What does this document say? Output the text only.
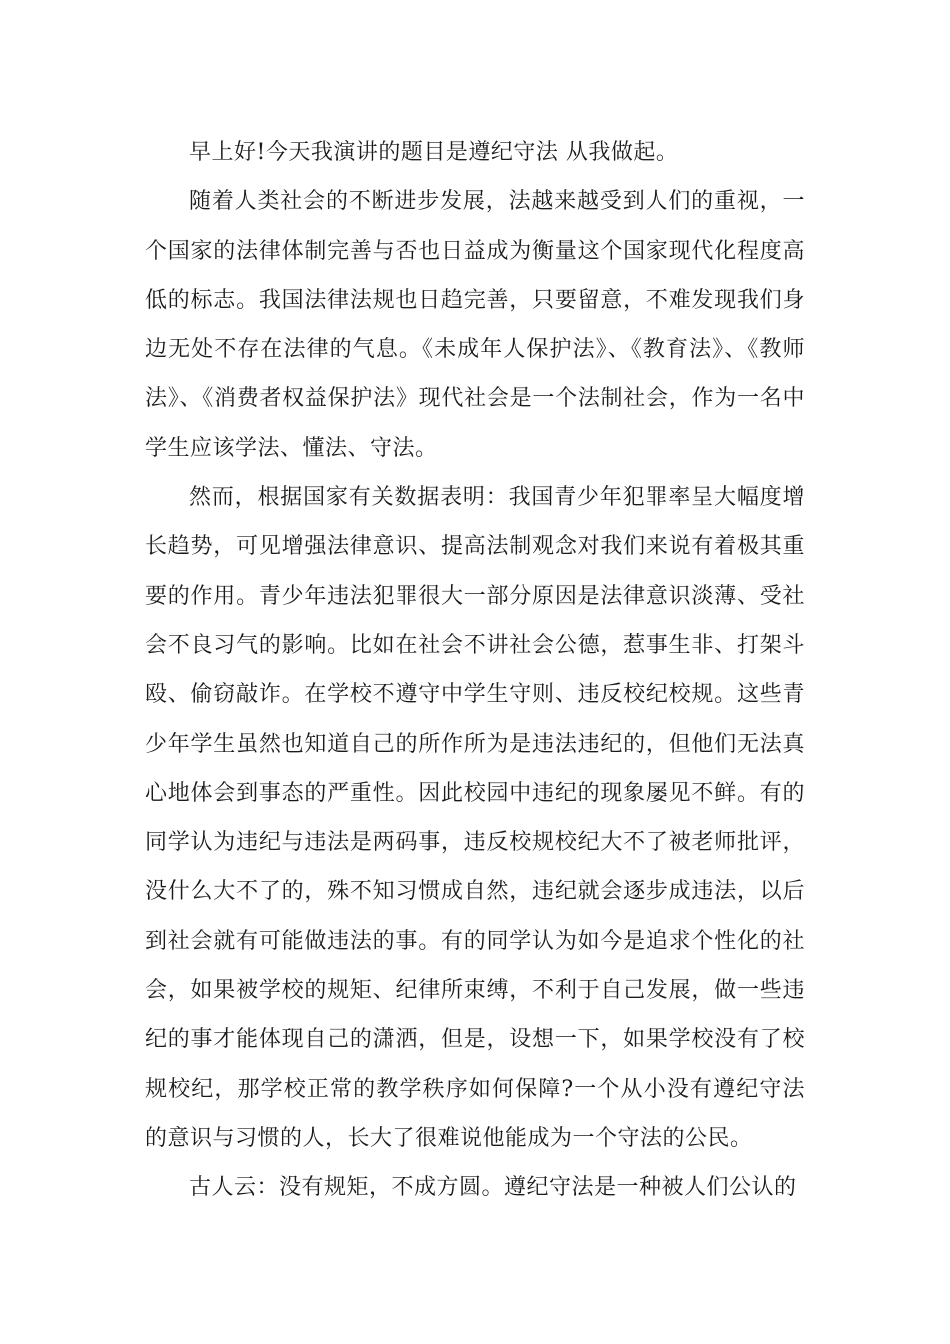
早上好!今天我演讲的题目是遵纪守法 从我做起。

随着人类社会的不断进步发展，法越来越受到人们的重视，一个国家的法律体制完善与否也日益成为衡量这个国家现代化程度高低的标志。我国法律法规也日趋完善，只要留意，不难发现我们身边无处不存在法律的气息。《未成年人保护法》、《教育法》、《教师法》、《消费者权益保护法》现代社会是一个法制社会，作为一名中学生应该学法、懂法、守法。

然而，根据国家有关数据表明：我国青少年犯罪率呈大幅度增长趋势，可见增强法律意识、提高法制观念对我们来说有着极其重要的作用。青少年违法犯罪很大一部分原因是法律意识淡薄、受社会不良习气的影响。比如在社会不讲社会公德，惹事生非、打架斗殴、偷窃敲诈。在学校不遵守中学生守则、违反校纪校规。这些青少年学生虽然也知道自己的所作所为是违法违纪的，但他们无法真心地体会到事态的严重性。因此校园中违纪的现象屡见不鲜。有的同学认为违纪与违法是两码事，违反校规校纪大不了被老师批评，没什么大不了的，殊不知习惯成自然，违纪就会逐步成违法，以后到社会就有可能做违法的事。有的同学认为如今是追求个性化的社会，如果被学校的规矩、纪律所束缚，不利于自己发展，做一些违纪的事才能体现自己的潇洒，但是，设想一下，如果学校没有了校规校纪，那学校正常的教学秩序如何保障?一个从小没有遵纪守法的意识与习惯的人，长大了很难说他能成为一个守法的公民。

古人云：没有规矩，不成方圆。遵纪守法是一种被人们公认的
